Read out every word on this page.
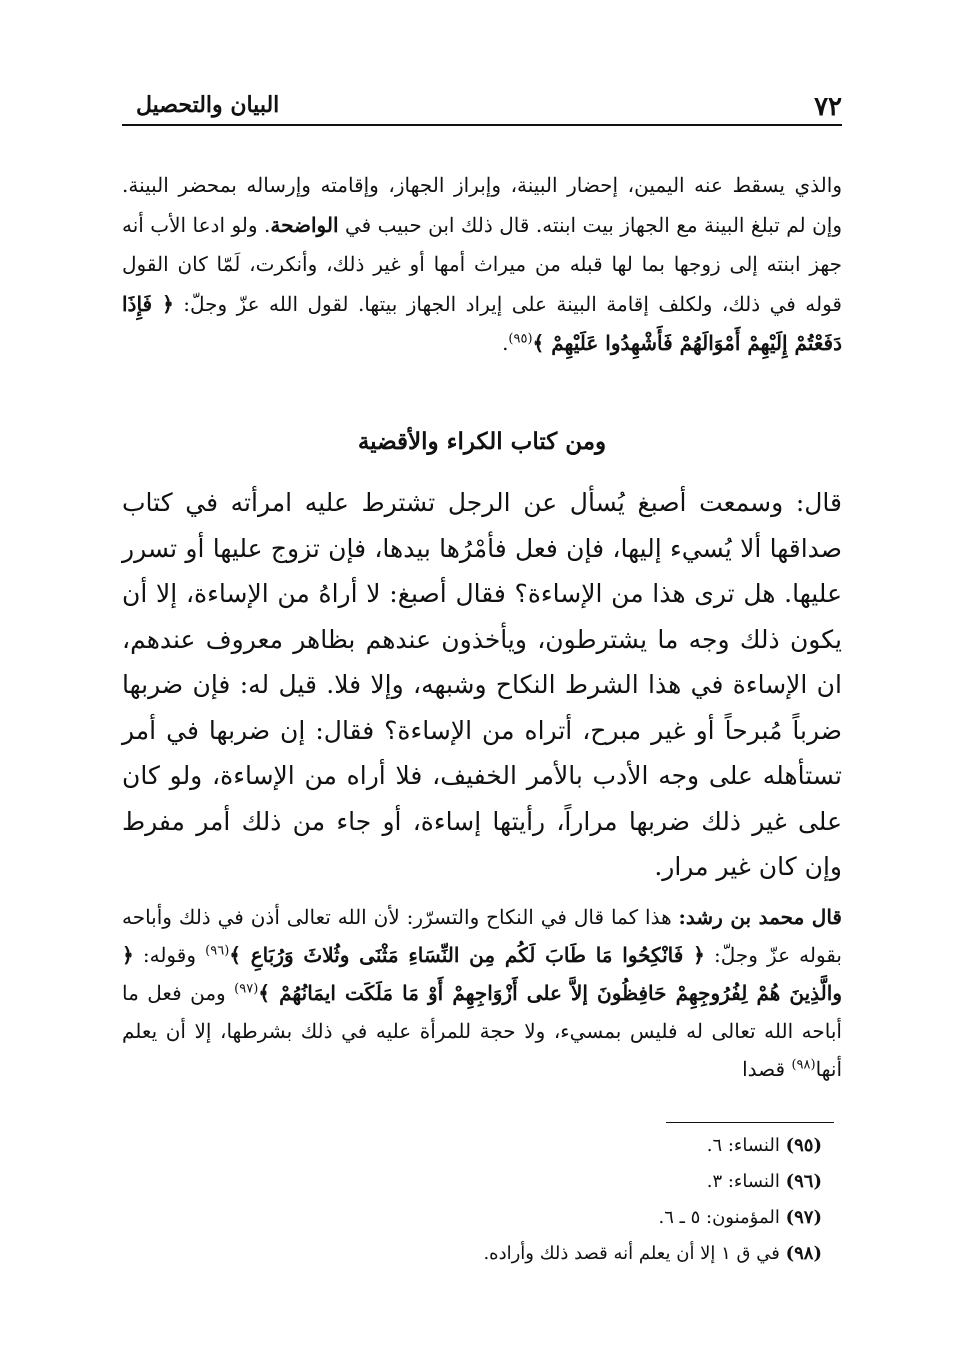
٧٢
البيان والتحصيل

والذي يسقط عنه اليمين، إحضار البينة، وإبراز الجهاز، وإقامته وإرساله بمحضر البينة. وإن لم تبلغ البينة مع الجهاز بيت ابنته. قال ذلك ابن حبيب في الواضحة. ولو ادعا الأب أنه جهز ابنته إلى زوجها بما لها قبله من ميراث أمها أو غير ذلك، وأنكرت، لَمّا كان القول قوله في ذلك، ولكلف إقامة البينة على إيراد الجهاز بيتها. لقول الله عزّ وجلّ: ﴿ فَإِذَا دَفَعْتُمْ إِلَيْهِمْ أَمْوَالَهُمْ فَأَشْهِدُوا عَلَيْهِمْ ﴾$^{(٩٥)}$.

ومن كتاب الكراء والأقضية

قال: وسمعت أصبغ يُسأل عن الرجل تشترط عليه امرأته في كتاب صداقها ألا يُسيء إليها، فإن فعل فأمْرُها بيدها، فإن تزوج عليها أو تسرر عليها. هل ترى هذا من الإساءة؟ فقال أصبغ: لا أراهُ من الإساءة، إلا أن يكون ذلك وجه ما يشترطون، ويأخذون عندهم بظاهر معروف عندهم، ان الإساءة في هذا الشرط النكاح وشبهه، وإلا فلا. قيل له: فإن ضربها ضرباً مُبرحاً أو غير مبرح، أتراه من الإساءة؟ فقال: إن ضربها في أمر تستأهله على وجه الأدب بالأمر الخفيف، فلا أراه من الإساءة، ولو كان على غير ذلك ضربها مراراً، رأيتها إساءة، أو جاء من ذلك أمر مفرط وإن كان غير مرار.

قال محمد بن رشد: هذا كما قال في النكاح والتسرّر: لأن الله تعالى أذن في ذلك وأباحه بقوله عزّ وجلّ: ﴿ فَانْكِحُوا مَا طَابَ لَكُم مِن النِّسَاءِ مَثْنَى وثُلاثَ وَرُبَاعِ ﴾$^{(٩٦)}$ وقوله: ﴿ والَّذِينَ هُمْ لِفُرُوجِهِمْ حَافِظُونَ إلاَّ على أَزْوَاجِهِمْ أَوْ مَا مَلَكَت ايمَانُهُمْ ﴾$^{(٩٧)}$ ومن فعل ما أباحه الله تعالى له فليس بمسيء، ولا حجة للمرأة عليه في ذلك بشرطها، إلا أن يعلم أنها$^{(٩٨)}$ قصدا

(٩٥) النساء: ٦.

(٩٦) النساء: ٣.

(٩٧) المؤمنون: ٥ ـ ٦.

(٩٨) في ق ١ إلا أن يعلم أنه قصد ذلك وأراده.
